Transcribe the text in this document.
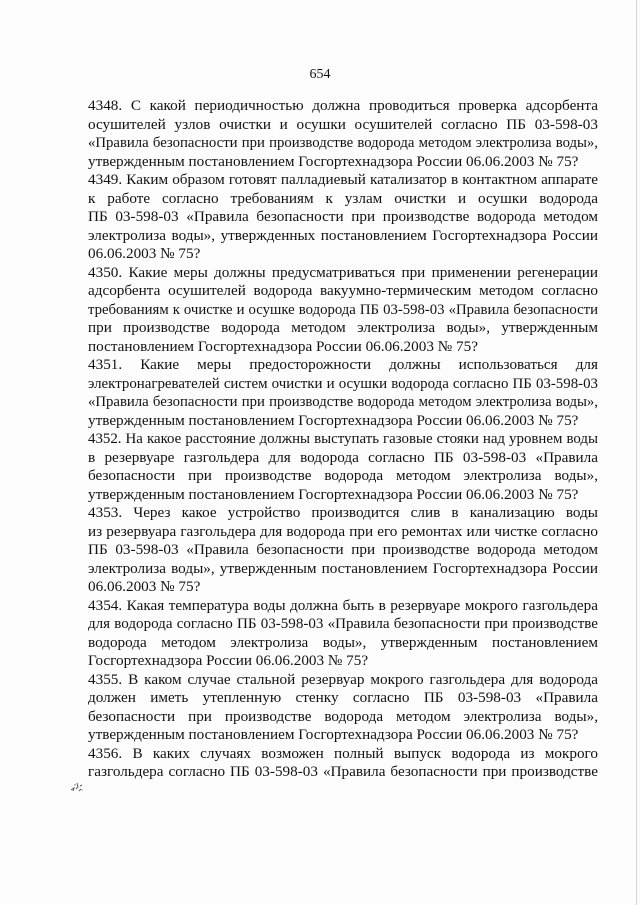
654
4348. С какой периодичностью должна проводиться проверка адсорбента
осушителей узлов очистки и осушки осушителей согласно ПБ 03-598-03
«Правила безопасности при производстве водорода методом электролиза воды»,
утвержденным постановлением Госгортехнадзора России 06.06.2003 № 75?
4349. Каким образом готовят палладиевый катализатор в контактном аппарате
к работе согласно требованиям к узлам очистки и осушки водорода
ПБ 03-598-03 «Правила безопасности при производстве водорода методом
электролиза воды», утвержденных постановлением Госгортехнадзора России
06.06.2003 № 75?
4350. Какие меры должны предусматриваться при применении регенерации
адсорбента осушителей водорода вакуумно-термическим методом согласно
требованиям к очистке и осушке водорода ПБ 03-598-03 «Правила безопасности
при производстве водорода методом электролиза воды», утвержденным
постановлением Госгортехнадзора России 06.06.2003 № 75?
4351. Какие меры предосторожности должны использоваться для
электронагревателей систем очистки и осушки водорода согласно ПБ 03-598-03
«Правила безопасности при производстве водорода методом электролиза воды»,
утвержденным постановлением Госгортехнадзора России 06.06.2003 № 75?
4352. На какое расстояние должны выступать газовые стояки над уровнем воды
в резервуаре газгольдера для водорода согласно ПБ 03-598-03 «Правила
безопасности при производстве водорода методом электролиза воды»,
утвержденным постановлением Госгортехнадзора России 06.06.2003 № 75?
4353. Через какое устройство производится слив в канализацию воды
из резервуара газгольдера для водорода при его ремонтах или чистке согласно
ПБ 03-598-03 «Правила безопасности при производстве водорода методом
электролиза воды», утвержденным постановлением Госгортехнадзора России
06.06.2003 № 75?
4354. Какая температура воды должна быть в резервуаре мокрого газгольдера
для водорода согласно ПБ 03-598-03 «Правила безопасности при производстве
водорода методом электролиза воды», утвержденным постановлением
Госгортехнадзора России 06.06.2003 № 75?
4355. В каком случае стальной резервуар мокрого газгольдера для водорода
должен иметь утепленную стенку согласно ПБ 03-598-03 «Правила
безопасности при производстве водорода методом электролиза воды»,
утвержденным постановлением Госгортехнадзора России 06.06.2003 № 75?
4356. В каких случаях возможен полный выпуск водорода из мокрого
газгольдера согласно ПБ 03-598-03 «Правила безопасности при производстве
